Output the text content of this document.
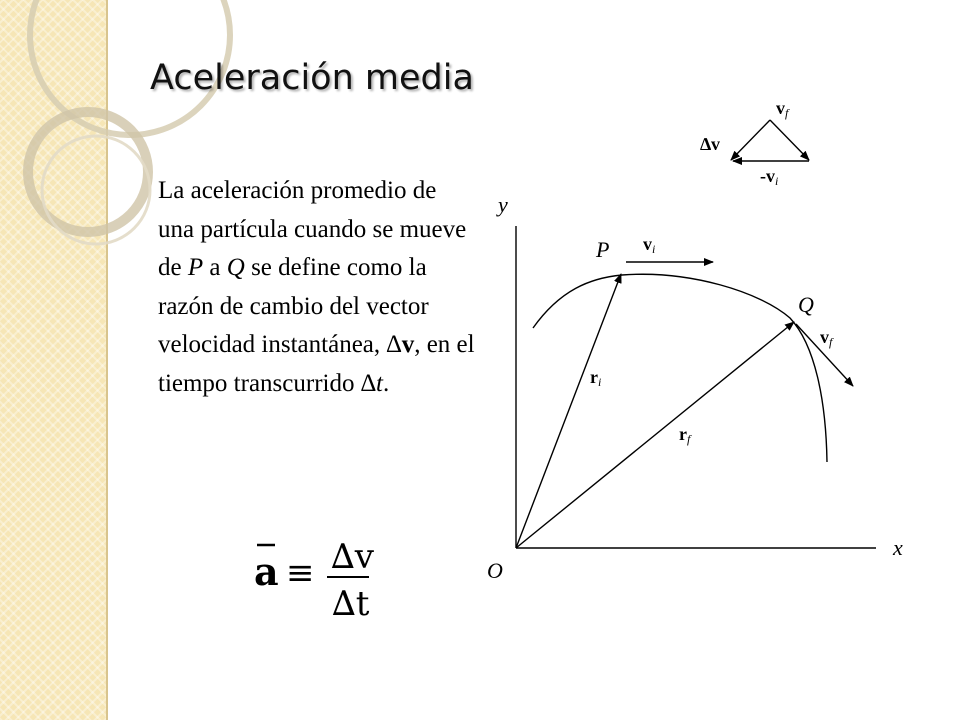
Aceleración media

La aceleración promedio de una partícula cuando se mueve de P a Q se define como la razón de cambio del vector velocidad instantánea, ∆v, en el tiempo transcurrido ∆t.

y
x
O
P
Q
vi
vf
ri
rf
∆v
vf
-vi
a ≡ ∆v
∆t
